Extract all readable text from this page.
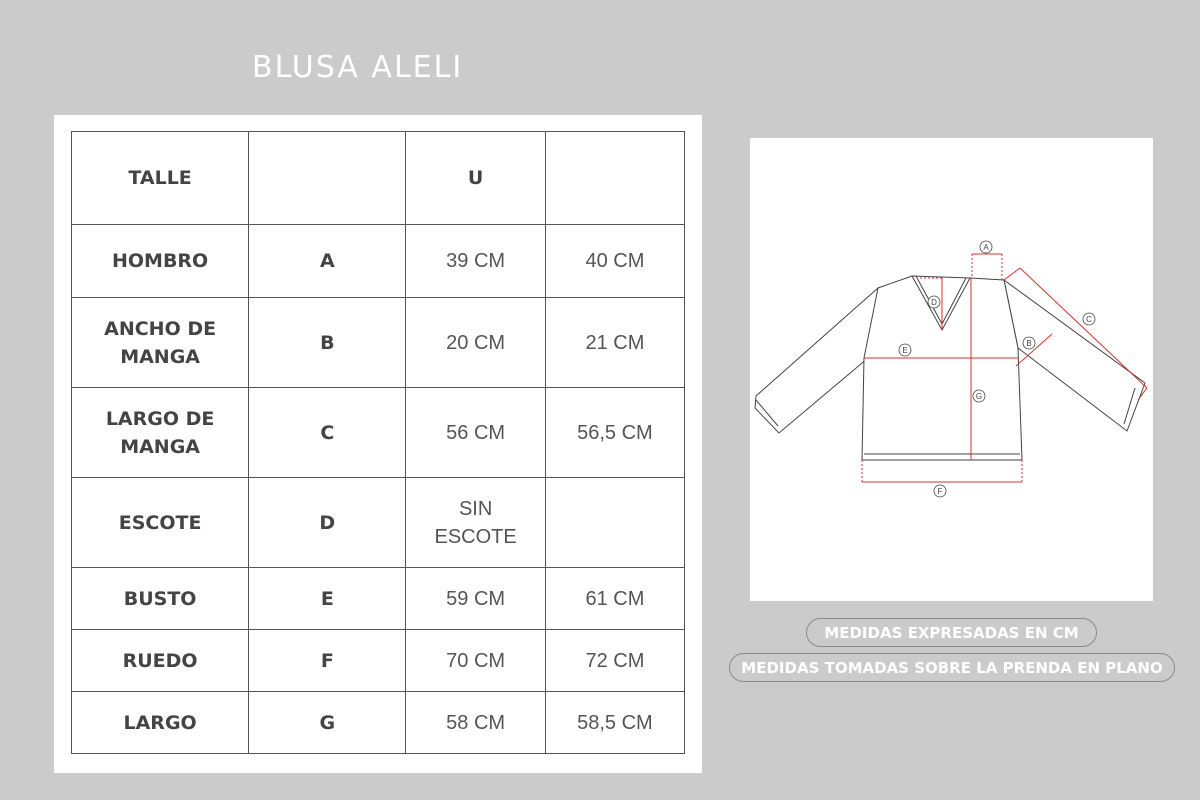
BLUSA ALELI
TALLE		U	
HOMBRO	A	39 CM	40 CM
ANCHO DE MANGA	B	20 CM	21 CM
LARGO DE MANGA	C	56 CM	56,5 CM
ESCOTE	D	SIN ESCOTE	
BUSTO	E	59 CM	61 CM
RUEDO	F	70 CM	72 CM
LARGO	G	58 CM	58,5 CM
A
D
C
B
E
G
F
MEDIDAS EXPRESADAS EN CM
MEDIDAS TOMADAS SOBRE LA PRENDA EN PLANO
